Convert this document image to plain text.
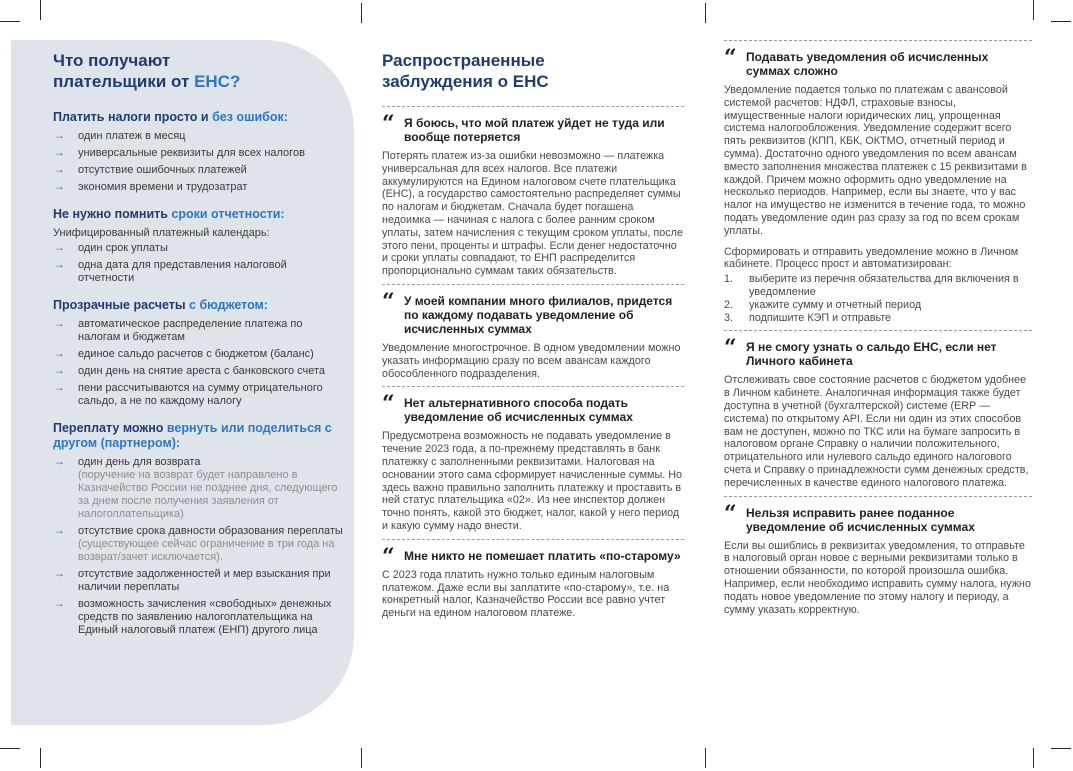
Что получают
плательщики от ЕНС?
Платить налоги просто и без ошибок:
→ один платеж в месяц
→ универсальные реквизиты для всех налогов
→ отсутствие ошибочных платежей
→ экономия времени и трудозатрат
Не нужно помнить сроки отчетности:
Унифицированный платежный календарь:
→ один срок уплаты
→ одна дата для представления налоговой отчетности
Прозрачные расчеты с бюджетом:
→ автоматическое распределение платежа по налогам и бюджетам
→ единое сальдо расчетов с бюджетом (баланс)
→ один день на снятие ареста с банковского счета
→ пени рассчитываются на сумму отрицательного сальдо, а не по каждому налогу
Переплату можно вернуть или поделиться с другом (партнером):
→ один день для возврата
(поручение на возврат будет направлено в Казначейство России не позднее дня, следующего за днем после получения заявления от налогоплательщика)
→ отсутствие срока давности образования переплаты
(существующее сейчас ограничение в три года на возврат/зачет исключается).
→ отсутствие задолженностей и мер взыскания при наличии переплаты
→ возможность зачисления «свободных» денежных средств по заявлению налогоплательщика на Единый налоговый платеж (ЕНП) другого лица
Распространенные заблуждения о ЕНС
“ Я боюсь, что мой платеж уйдет не туда или вообще потеряется
Потерять платеж из-за ошибки невозможно — платежка универсальная для всех налогов. Все платежи аккумулируются на Едином налоговом счете плательщика (ЕНС), а государство самостоятельно распределяет суммы по налогам и бюджетам. Сначала будет погашена недоимка — начиная с налога с более ранним сроком уплаты, затем начисления с текущим сроком уплаты, после этого пени, проценты и штрафы. Если денег недостаточно и сроки уплаты совпадают, то ЕНП распределится пропорционально суммам таких обязательств.
“ У моей компании много филиалов, придется по каждому подавать уведомление об исчисленных суммах
Уведомление многострочное. В одном уведомлении можно указать информацию сразу по всем авансам каждого обособленного подразделения.
“ Нет альтернативного способа подать уведомление об исчисленных суммах
Предусмотрена возможность не подавать уведомление в течение 2023 года, а по-прежнему представлять в банк платежку с заполненными реквизитами. Налоговая на основании этого сама сформирует начисленные суммы. Но здесь важно правильно заполнить платежку и проставить в ней статус плательщика «02». Из нее инспектор должен точно понять, какой это бюджет, налог, какой у него период и какую сумму надо внести.
“ Мне никто не помешает платить «по-старому»
С 2023 года платить нужно только единым налоговым платежом. Даже если вы заплатите «по-старому», т.е. на конкретный налог, Казначейство России все равно учтет деньги на едином налоговом платеже.
“ Подавать уведомления об исчисленных суммах сложно
Уведомление подается только по платежам с авансовой системой расчетов: НДФЛ, страховые взносы, имущественные налоги юридических лиц, упрощенная система налогообложения. Уведомление содержит всего пять реквизитов (КПП, КБК, ОКТМО, отчетный период и сумма). Достаточно одного уведомления по всем авансам вместо заполнения множества платежек с 15 реквизитами в каждой. Причем можно оформить одно уведомление на несколько периодов. Например, если вы знаете, что у вас налог на имущество не изменится в течение года, то можно подать уведомление один раз сразу за год по всем срокам уплаты.
Сформировать и отправить уведомление можно в Личном кабинете. Процесс прост и автоматизирован:
1. выберите из перечня обязательства для включения в уведомление
2. укажите сумму и отчетный период
3. подпишите КЭП и отправьте
“ Я не смогу узнать о сальдо ЕНС, если нет Личного кабинета
Отслеживать свое состояние расчетов с бюджетом удобнее в Личном кабинете. Аналогичная информация также будет доступна в учетной (бухгалтерской) системе (ERP — система) по открытому API. Если ни один из этих способов вам не доступен, можно по ТКС или на бумаге запросить в налоговом органе Справку о наличии положительного, отрицательного или нулевого сальдо единого налогового счета и Справку о принадлежности сумм денежных средств, перечисленных в качестве единого налогового платежа.
“ Нельзя исправить ранее поданное уведомление об исчисленных суммах
Если вы ошиблись в реквизитах уведомления, то отправьте в налоговый орган новое с верными реквизитами только в отношении обязанности, по которой произошла ошибка. Например, если необходимо исправить сумму налога, нужно подать новое уведомление по этому налогу и периоду, а сумму указать корректную.
